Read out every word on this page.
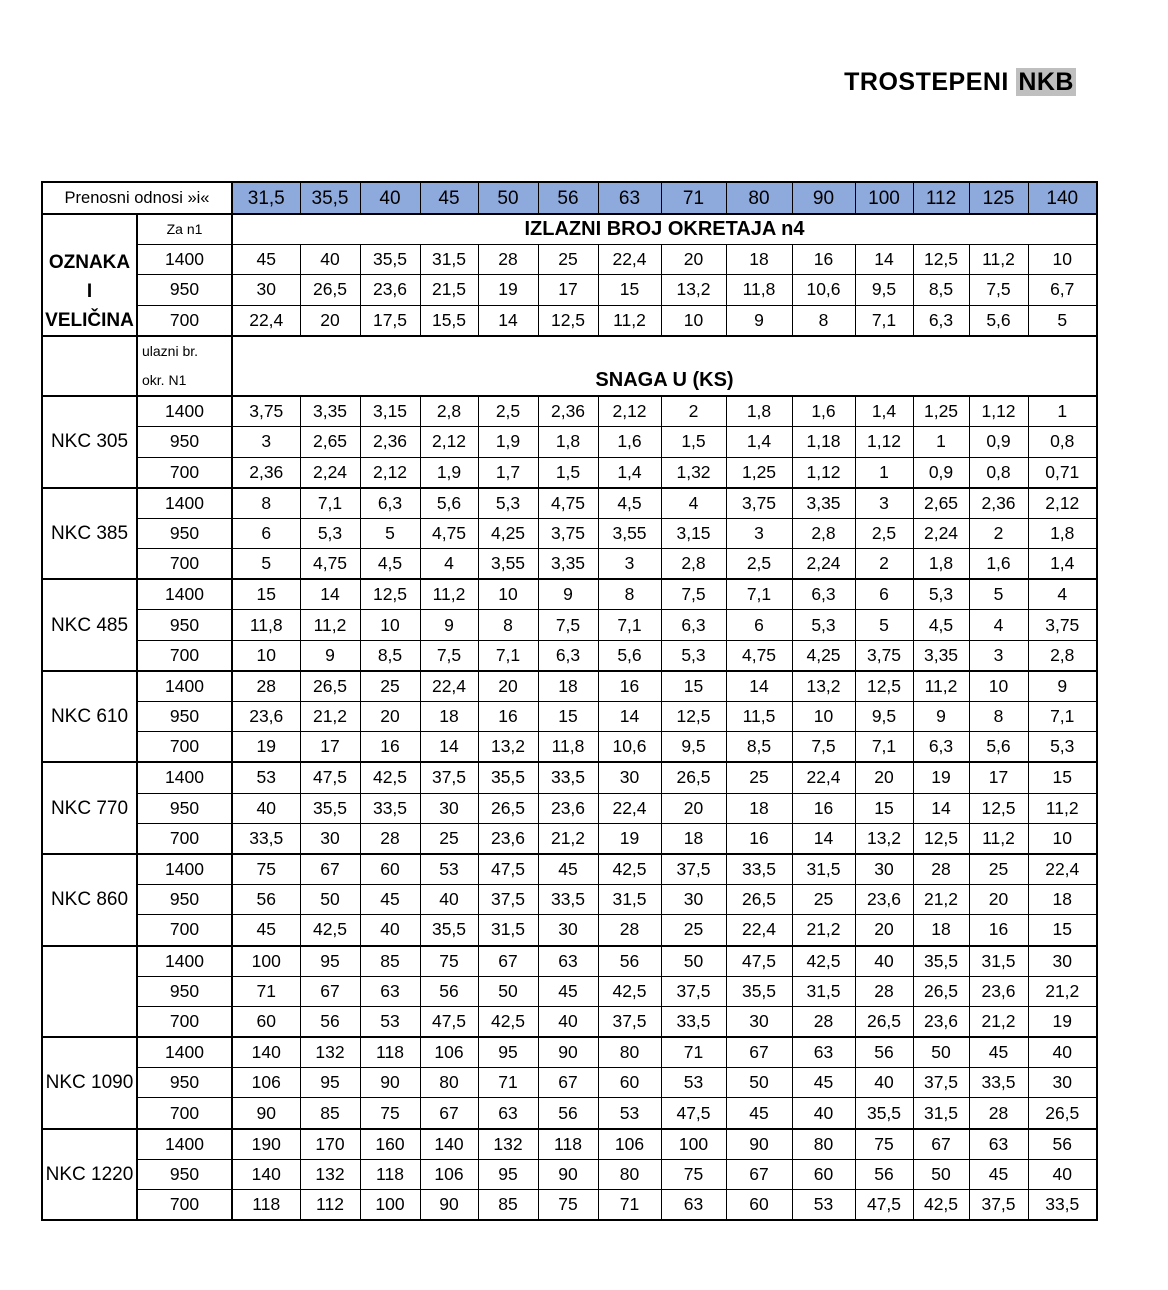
TROSTEPENI NKB
Prenosni odnosi »i«		31,5	35,5	40	45	50	56	63	71	80	90	100	112	125	140

OZNAKA
I
VELIČINA	Za n1	IZLAZNI BROJ OKRETAJA n4													
	1400	45	40	35,5	31,5	28	25	22,4	20	18	16	14	12,5	11,2	10
	950	30	26,5	23,6	21,5	19	17	15	13,2	11,8	10,6	9,5	8,5	7,5	6,7
	700	22,4	20	17,5	15,5	14	12,5	11,2	10	9	8	7,1	6,3	5,6	5
	ulazni br.	SNAGA U (KS)													
	okr. N1														
NKC 305	1400	3,75	3,35	3,15	2,8	2,5	2,36	2,12	2	1,8	1,6	1,4	1,25	1,12	1
	950	3	2,65	2,36	2,12	1,9	1,8	1,6	1,5	1,4	1,18	1,12	1	0,9	0,8
	700	2,36	2,24	2,12	1,9	1,7	1,5	1,4	1,32	1,25	1,12	1	0,9	0,8	0,71
NKC 385	1400	8	7,1	6,3	5,6	5,3	4,75	4,5	4	3,75	3,35	3	2,65	2,36	2,12
	950	6	5,3	5	4,75	4,25	3,75	3,55	3,15	3	2,8	2,5	2,24	2	1,8
	700	5	4,75	4,5	4	3,55	3,35	3	2,8	2,5	2,24	2	1,8	1,6	1,4
NKC 485	1400	15	14	12,5	11,2	10	9	8	7,5	7,1	6,3	6	5,3	5	4
	950	11,8	11,2	10	9	8	7,5	7,1	6,3	6	5,3	5	4,5	4	3,75
	700	10	9	8,5	7,5	7,1	6,3	5,6	5,3	4,75	4,25	3,75	3,35	3	2,8
NKC 610	1400	28	26,5	25	22,4	20	18	16	15	14	13,2	12,5	11,2	10	9
	950	23,6	21,2	20	18	16	15	14	12,5	11,5	10	9,5	9	8	7,1
	700	19	17	16	14	13,2	11,8	10,6	9,5	8,5	7,5	7,1	6,3	5,6	5,3
NKC 770	1400	53	47,5	42,5	37,5	35,5	33,5	30	26,5	25	22,4	20	19	17	15
	950	40	35,5	33,5	30	26,5	23,6	22,4	20	18	16	15	14	12,5	11,2
	700	33,5	30	28	25	23,6	21,2	19	18	16	14	13,2	12,5	11,2	10
NKC 860	1400	75	67	60	53	47,5	45	42,5	37,5	33,5	31,5	30	28	25	22,4
	950	56	50	45	40	37,5	33,5	31,5	30	26,5	25	23,6	21,2	20	18
	700	45	42,5	40	35,5	31,5	30	28	25	22,4	21,2	20	18	16	15
	1400	100	95	85	75	67	63	56	50	47,5	42,5	40	35,5	31,5	30
	950	71	67	63	56	50	45	42,5	37,5	35,5	31,5	28	26,5	23,6	21,2
	700	60	56	53	47,5	42,5	40	37,5	33,5	30	28	26,5	23,6	21,2	19
NKC 1090	1400	140	132	118	106	95	90	80	71	67	63	56	50	45	40
	950	106	95	90	80	71	67	60	53	50	45	40	37,5	33,5	30
	700	90	85	75	67	63	56	53	47,5	45	40	35,5	31,5	28	26,5
NKC 1220	1400	190	170	160	140	132	118	106	100	90	80	75	67	63	56
	950	140	132	118	106	95	90	80	75	67	60	56	50	45	40
	700	118	112	100	90	85	75	71	63	60	53	47,5	42,5	37,5	33,5
